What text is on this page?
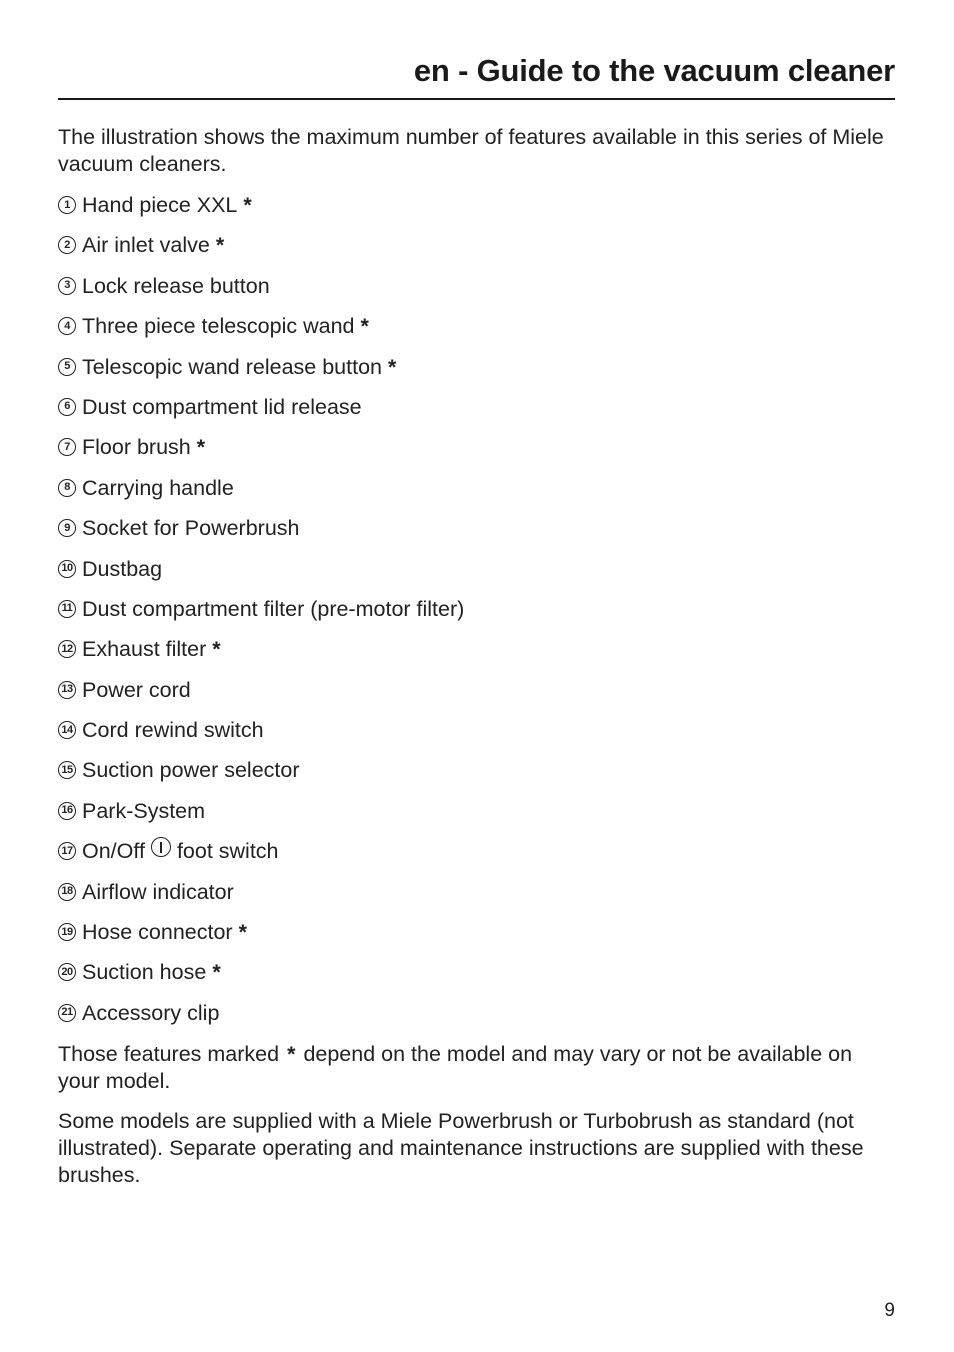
en - Guide to the vacuum cleaner

The illustration shows the maximum number of features available in this series of Miele vacuum cleaners.

1 Hand piece XXL *
2 Air inlet valve *
3 Lock release button
4 Three piece telescopic wand *
5 Telescopic wand release button *
6 Dust compartment lid release
7 Floor brush *
8 Carrying handle
9 Socket for Powerbrush
10 Dustbag
11 Dust compartment filter (pre-motor filter)
12 Exhaust filter *
13 Power cord
14 Cord rewind switch
15 Suction power selector
16 Park-System
17 On/Off foot switch
18 Airflow indicator
19 Hose connector *
20 Suction hose *
21 Accessory clip

Those features marked * depend on the model and may vary or not be available on your model.

Some models are supplied with a Miele Powerbrush or Turbobrush as standard (not illustrated). Separate operating and maintenance instructions are supplied with these brushes.

9
